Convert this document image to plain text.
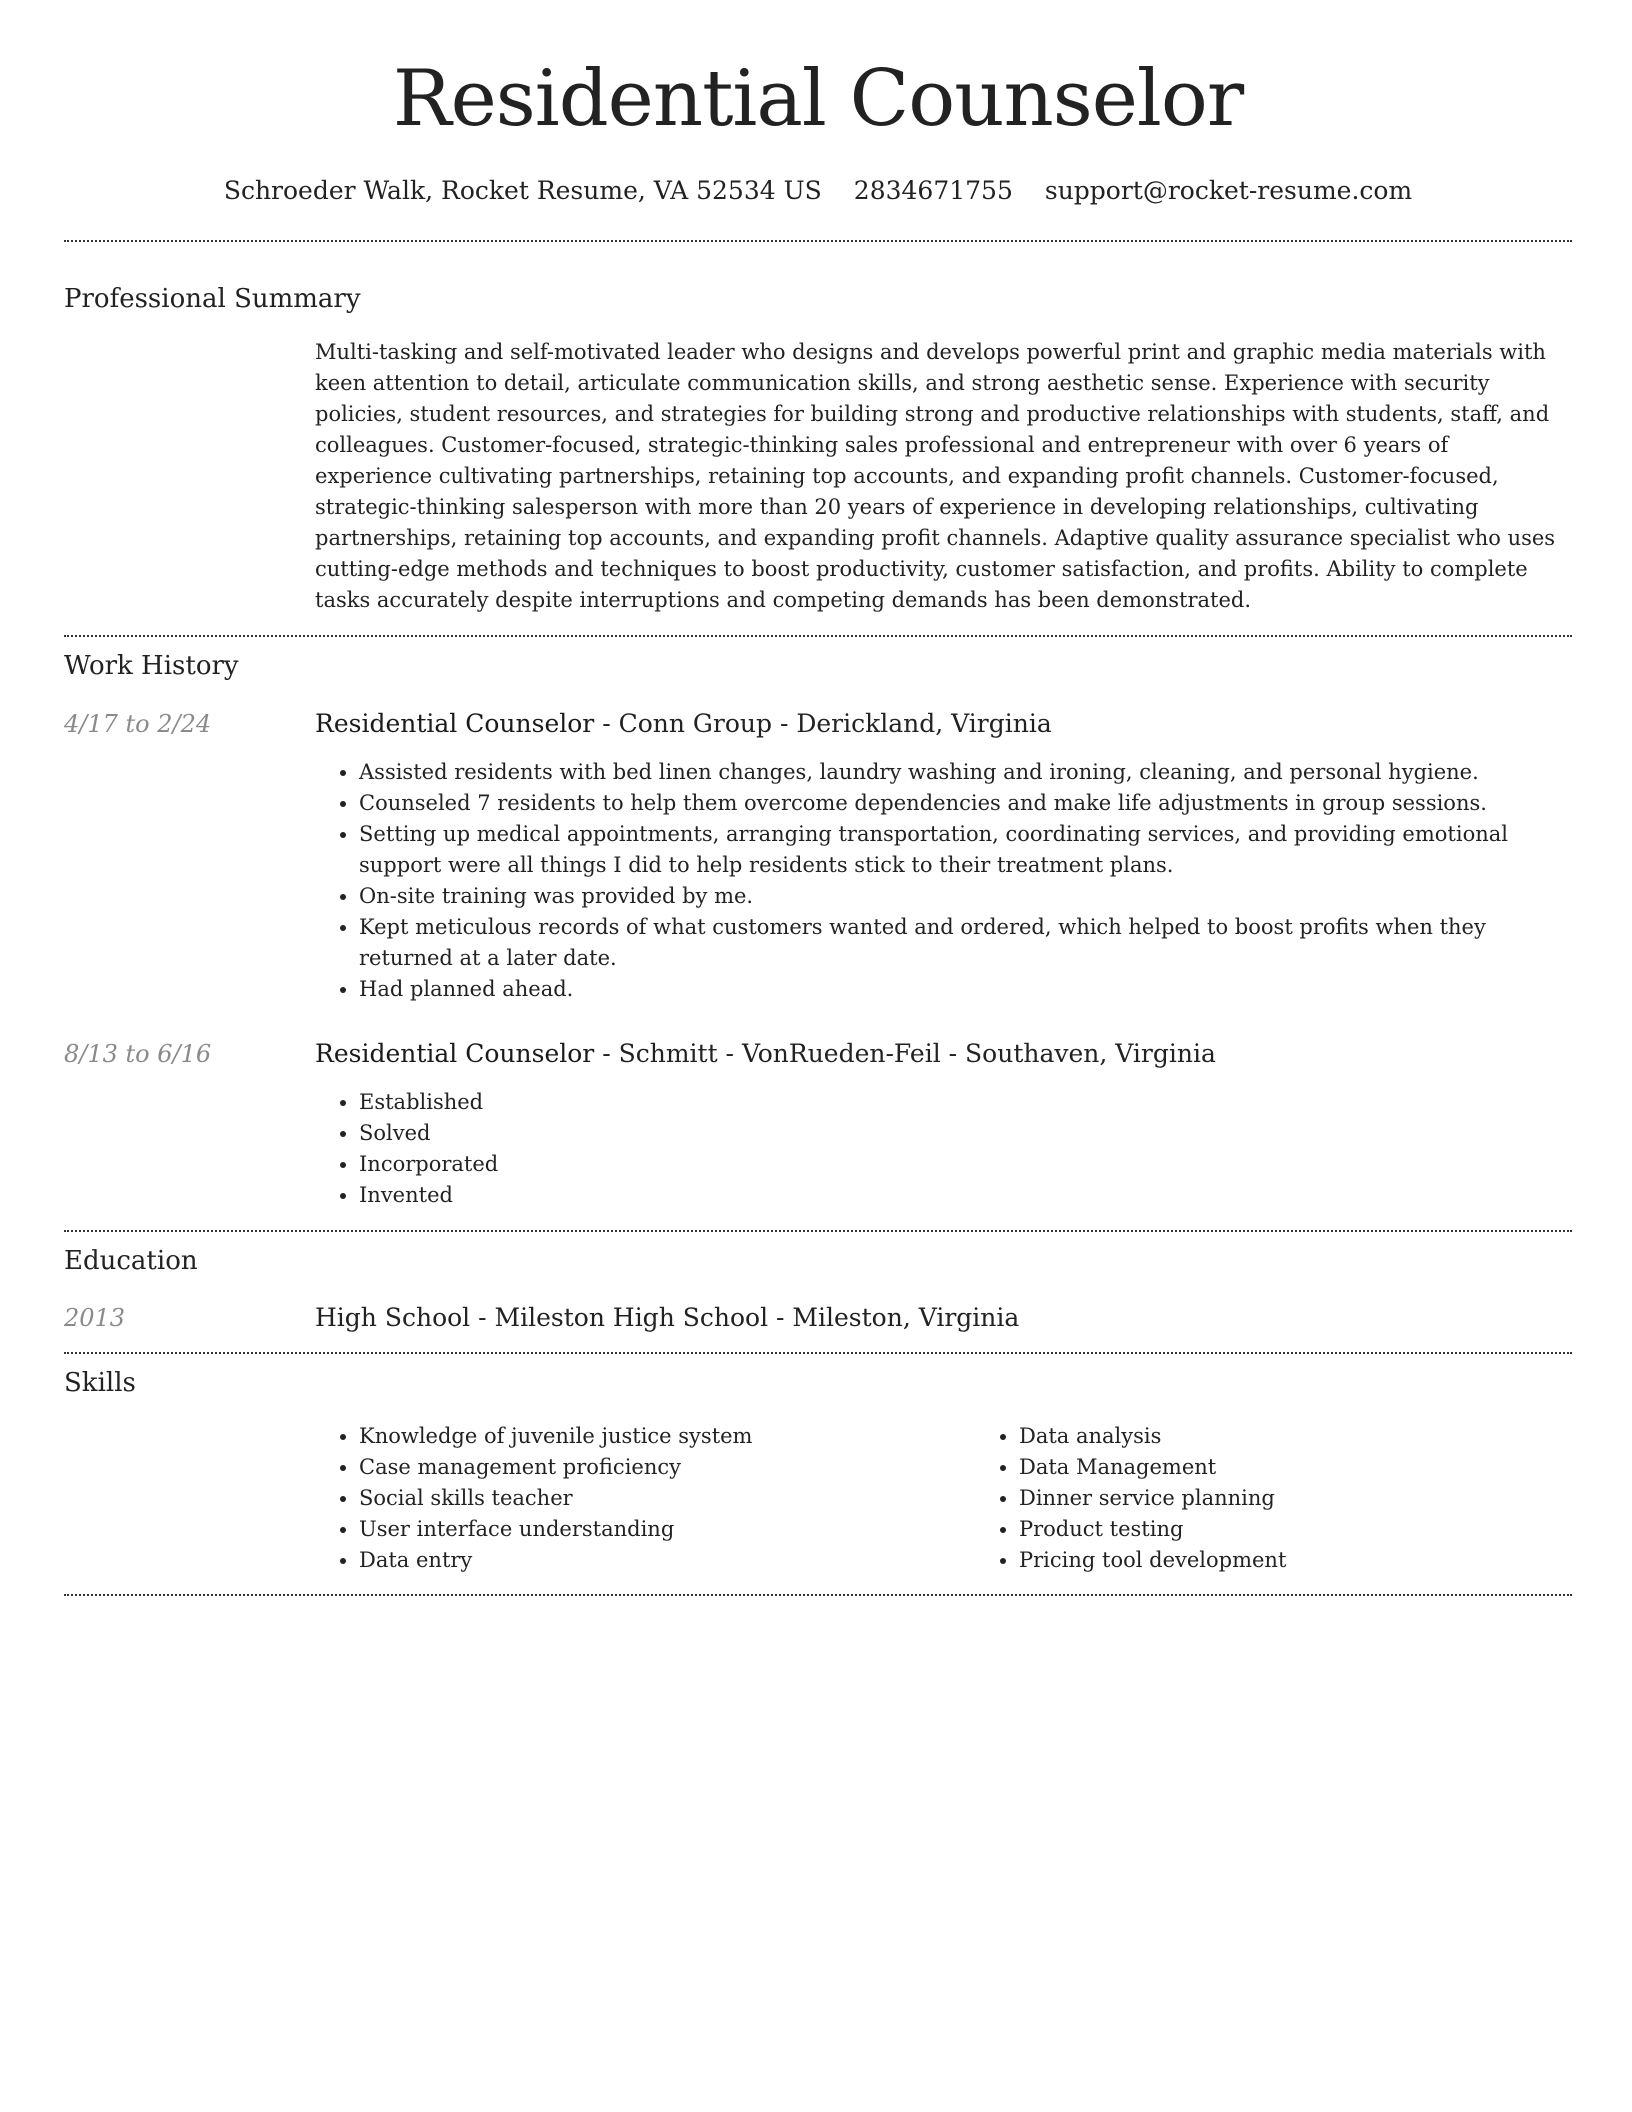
Residential Counselor
Schroeder Walk, Rocket Resume, VA 52534 US 2834671755 support@rocket-resume.com
Professional Summary

Multi-tasking and self-motivated leader who designs and develops powerful print and graphic media materials with keen attention to detail, articulate communication skills, and strong aesthetic sense. Experience with security policies, student resources, and strategies for building strong and productive relationships with students, staff, and colleagues. Customer-focused, strategic-thinking sales professional and entrepreneur with over 6 years of experience cultivating partnerships, retaining top accounts, and expanding profit channels. Customer-focused, strategic-thinking salesperson with more than 20 years of experience in developing relationships, cultivating partnerships, retaining top accounts, and expanding profit channels. Adaptive quality assurance specialist who uses cutting-edge methods and techniques to boost productivity, customer satisfaction, and profits. Ability to complete tasks accurately despite interruptions and competing demands has been demonstrated.

Work History
4/17 to 2/24	Residential Counselor - Conn Group - Derickland, Virginia
• Assisted residents with bed linen changes, laundry washing and ironing, cleaning, and personal hygiene.
• Counseled 7 residents to help them overcome dependencies and make life adjustments in group sessions.
• Setting up medical appointments, arranging transportation, coordinating services, and providing emotional support were all things I did to help residents stick to their treatment plans.
• On-site training was provided by me.
• Kept meticulous records of what customers wanted and ordered, which helped to boost profits when they returned at a later date.
• Had planned ahead.
8/13 to 6/16	Residential Counselor - Schmitt - VonRueden-Feil - Southaven, Virginia
• Established
• Solved
• Incorporated
• Invented
Education
2013	High School - Mileston High School - Mileston, Virginia
Skills
• Knowledge of juvenile justice system
• Case management proficiency
• Social skills teacher
• User interface understanding
• Data entry
• Data analysis
• Data Management
• Dinner service planning
• Product testing
• Pricing tool development
